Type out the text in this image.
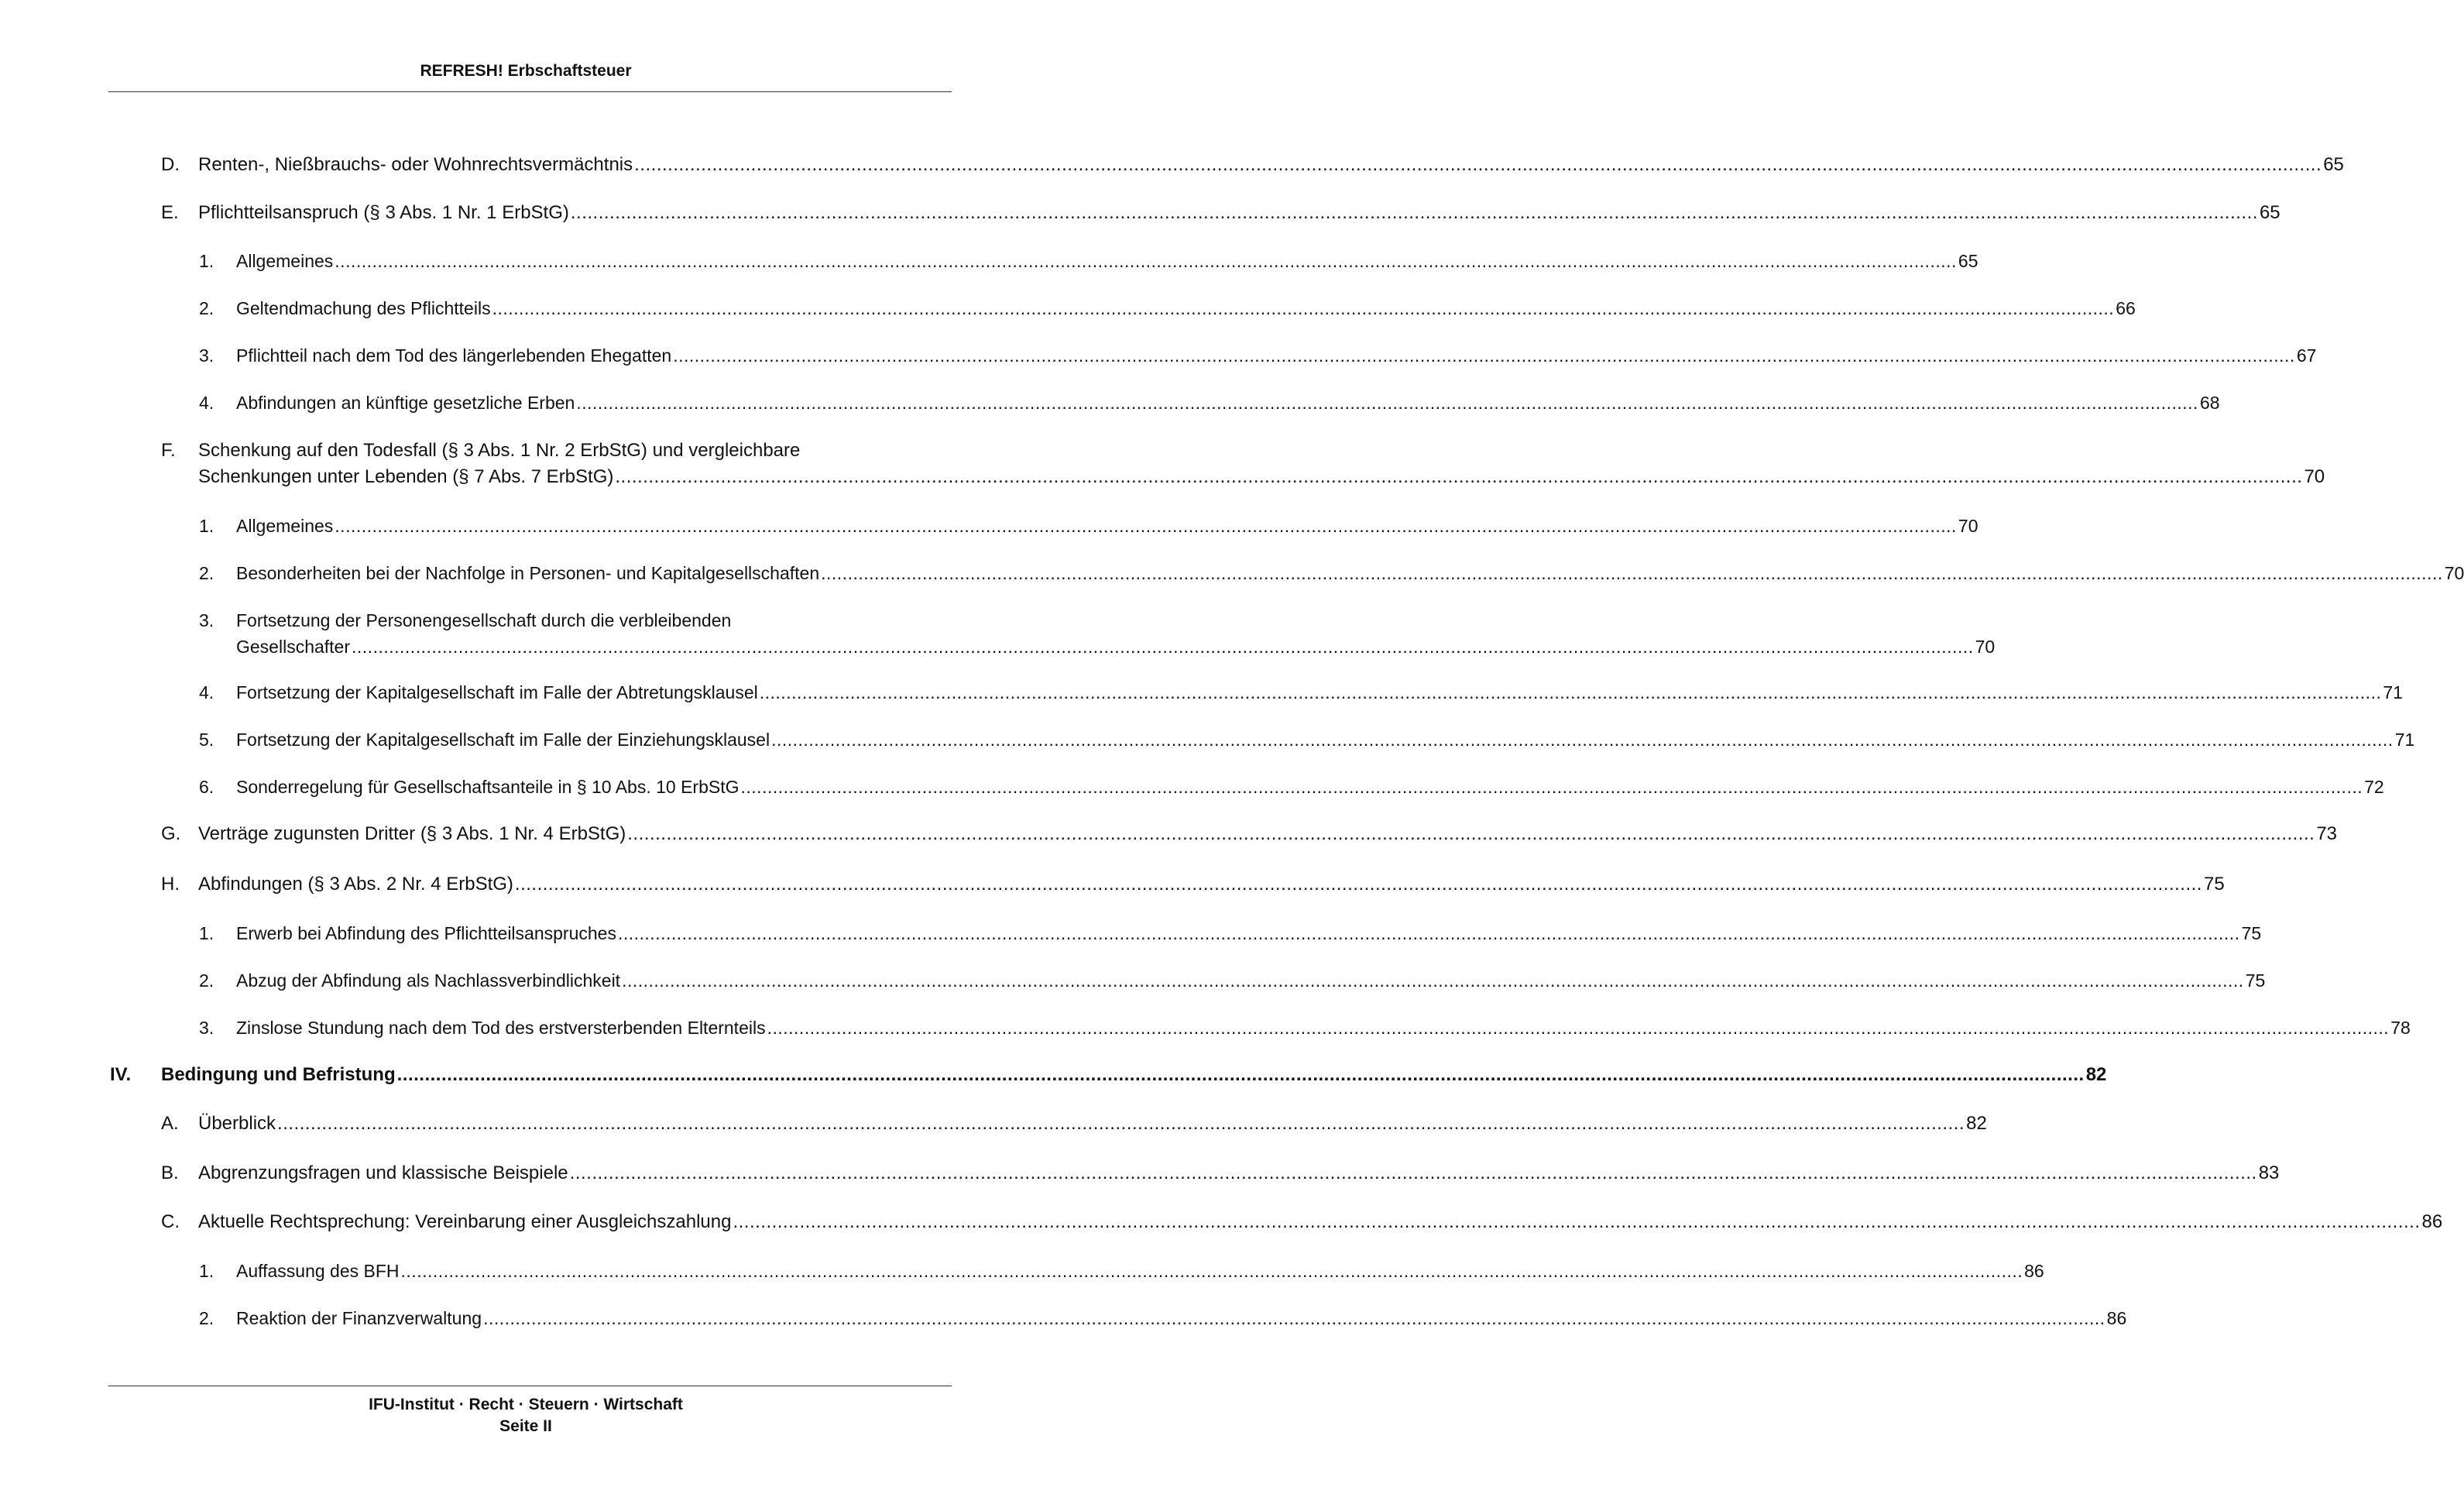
REFRESH! Erbschaftsteuer
D.	Renten-, Nießbrauchs- oder Wohnrechtsvermächtnis .....	65
E.	Pflichtteilsanspruch (§ 3 Abs. 1 Nr. 1 ErbStG) .....	65
1.	Allgemeines .....	65
2.	Geltendmachung des Pflichtteils .....	66
3.	Pflichtteil nach dem Tod des längerlebenden Ehegatten .....	67
4.	Abfindungen an künftige gesetzliche Erben .....	68
F.	Schenkung auf den Todesfall (§ 3 Abs. 1 Nr. 2 ErbStG) und vergleichbare
Schenkungen unter Lebenden (§ 7 Abs. 7 ErbStG) .....	70
1.	Allgemeines .....	70
2.	Besonderheiten bei der Nachfolge in Personen- und Kapitalgesellschaften .....	70
3.	Fortsetzung der Personengesellschaft durch die verbleibenden
Gesellschafter .....	70
4.	Fortsetzung der Kapitalgesellschaft im Falle der Abtretungsklausel .....	71
5.	Fortsetzung der Kapitalgesellschaft im Falle der Einziehungsklausel .....	71
6.	Sonderregelung für Gesellschaftsanteile in § 10 Abs. 10 ErbStG .....	72
G. Verträge zugunsten Dritter (§ 3 Abs. 1 Nr. 4 ErbStG) .....	73
H.	Abfindungen (§ 3 Abs. 2 Nr. 4 ErbStG) .....	75
1.	Erwerb bei Abfindung des Pflichtteilsanspruches .....	75
2.	Abzug der Abfindung als Nachlassverbindlichkeit .....	75
3.	Zinslose Stundung nach dem Tod des erstversterbenden Elternteils .....	78
IV.	Bedingung und Befristung .....	82
A.	Überblick .....	82
B.	Abgrenzungsfragen und klassische Beispiele .....	83
C.	Aktuelle Rechtsprechung: Vereinbarung einer Ausgleichszahlung .....	86
1.	Auffassung des BFH .....	86
2.	Reaktion der Finanzverwaltung .....	86
IFU-Institut · Recht · Steuern · Wirtschaft
Seite II
